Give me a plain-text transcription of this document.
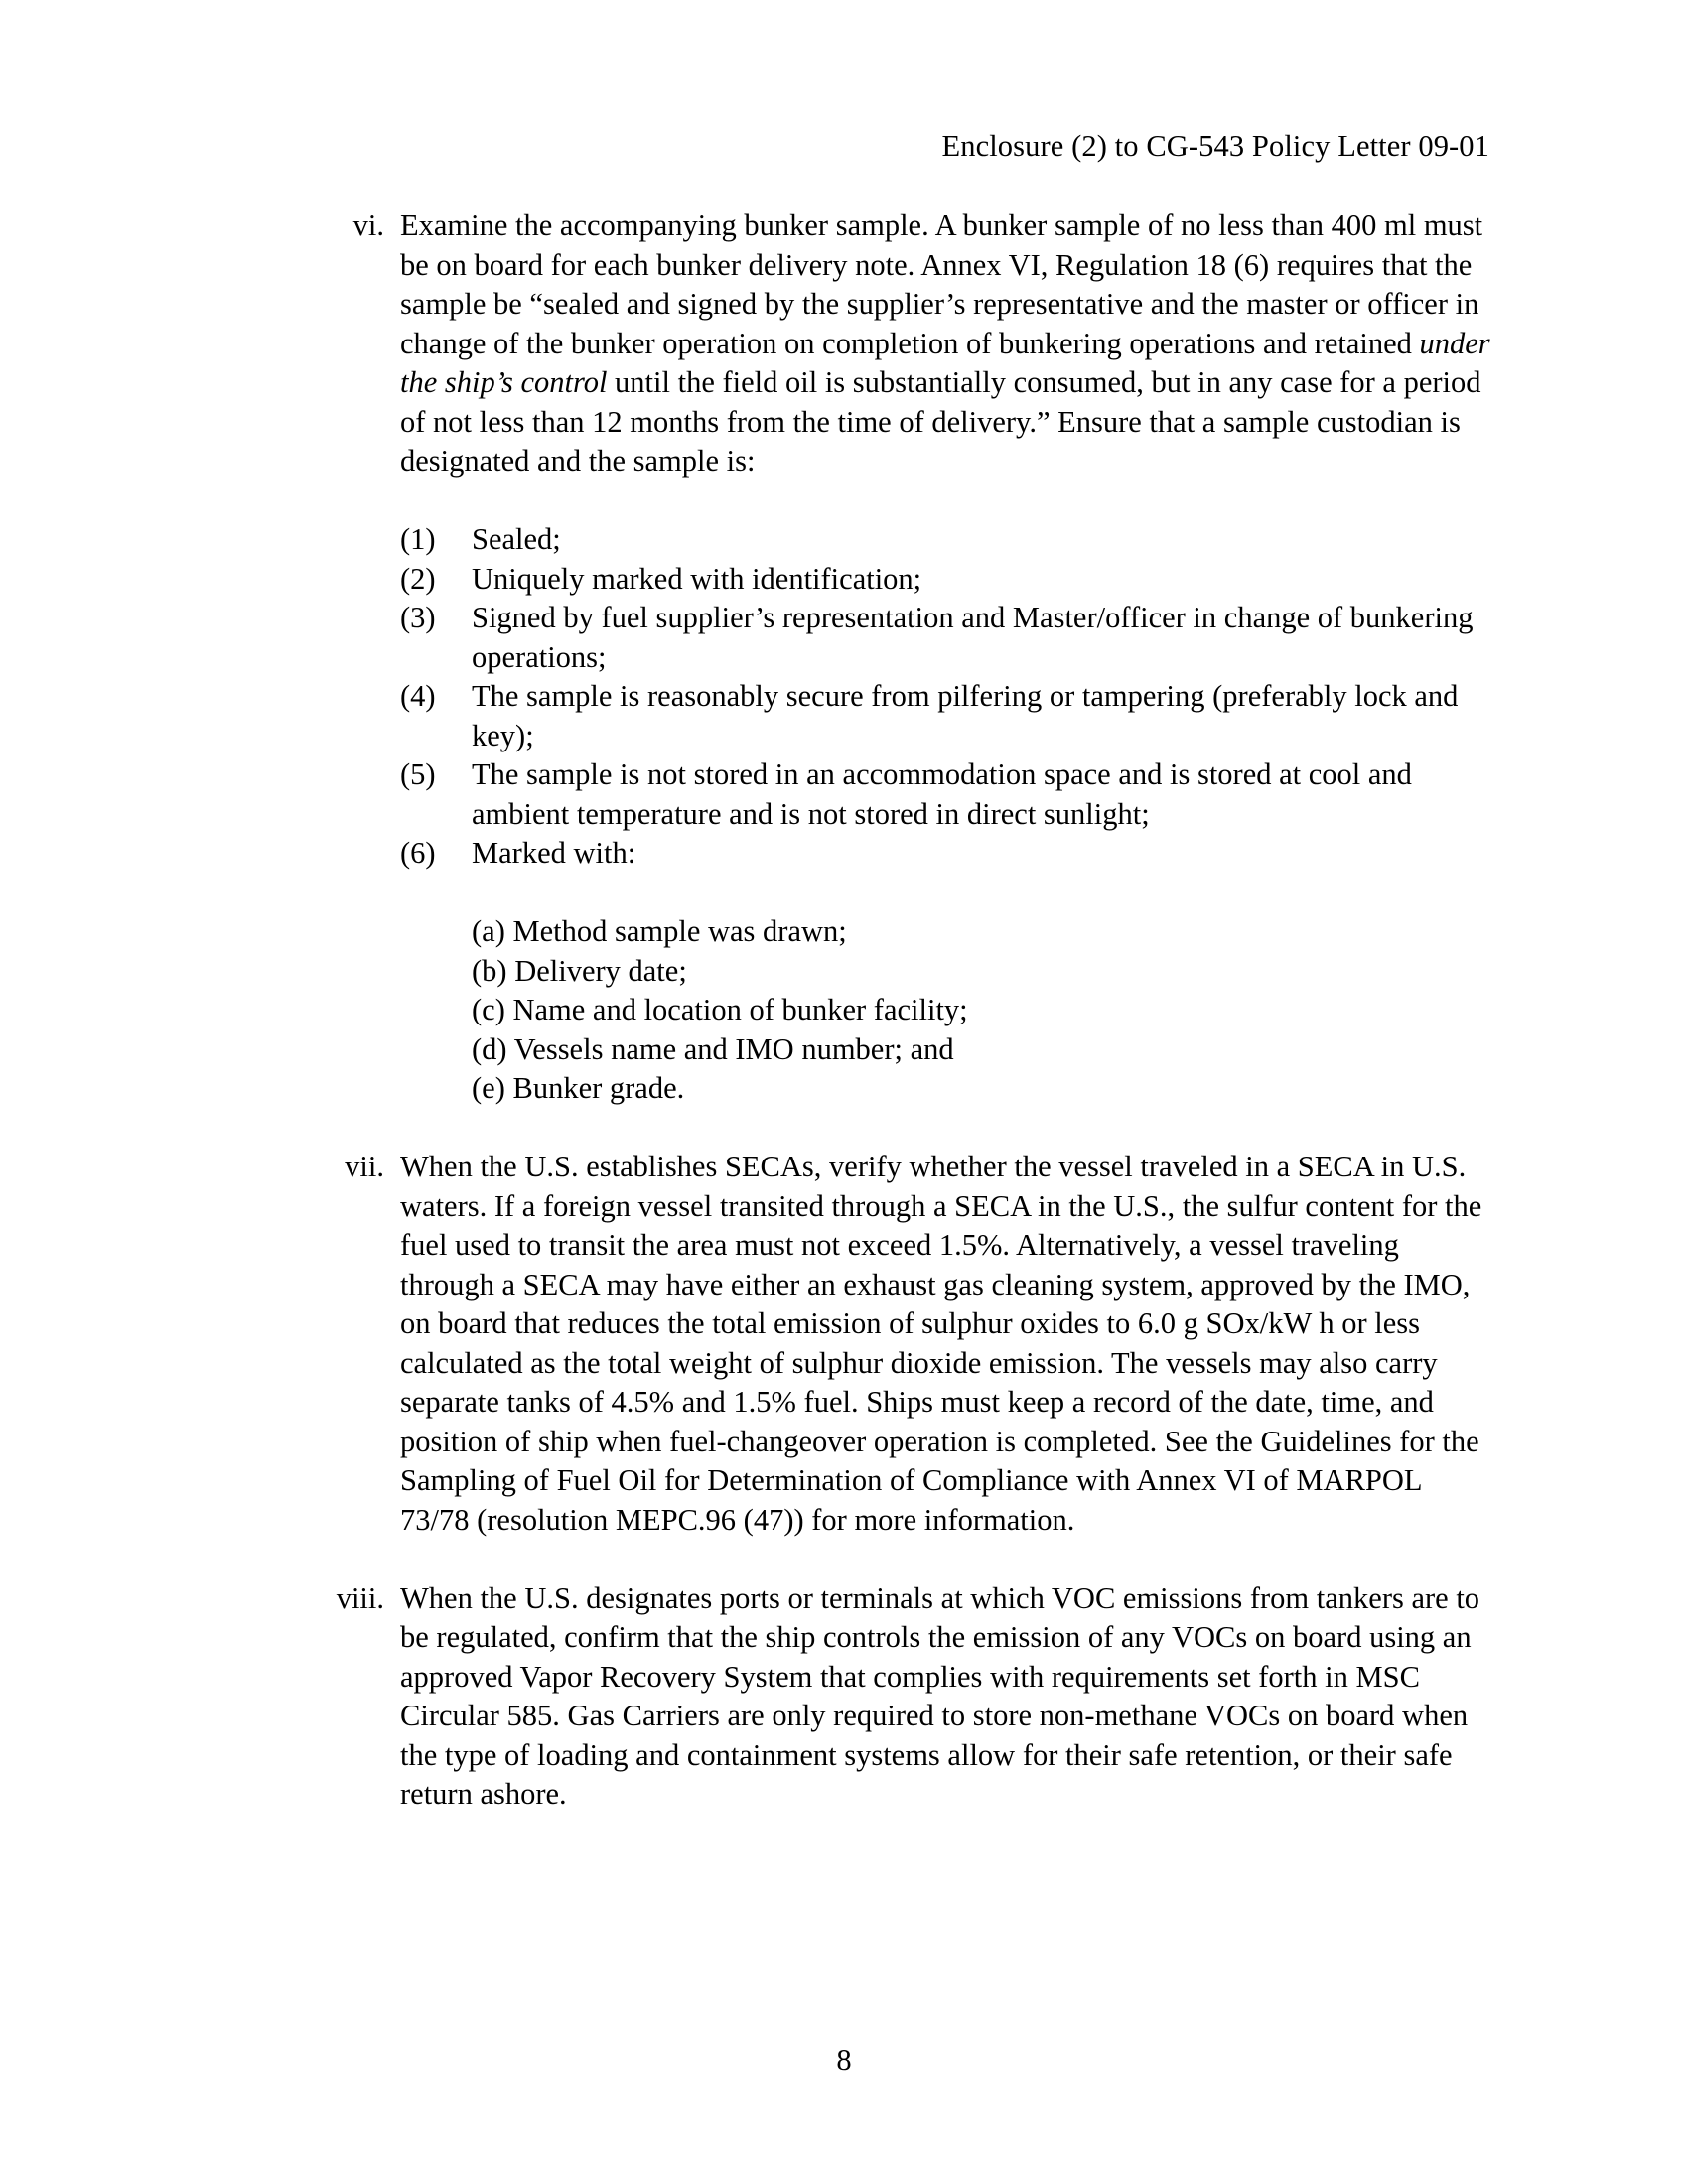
Enclosure (2) to CG-543 Policy Letter 09-01
vi. Examine the accompanying bunker sample. A bunker sample of no less than 400 ml must be on board for each bunker delivery note. Annex VI, Regulation 18 (6) requires that the sample be “sealed and signed by the supplier’s representative and the master or officer in change of the bunker operation on completion of bunkering operations and retained under the ship’s control until the field oil is substantially consumed, but in any case for a period of not less than 12 months from the time of delivery.” Ensure that a sample custodian is designated and the sample is:
(1)	Sealed;
(2)	Uniquely marked with identification;
(3)	Signed by fuel supplier’s representation and Master/officer in change of bunkering operations;
(4)	The sample is reasonably secure from pilfering or tampering (preferably lock and key);
(5)	The sample is not stored in an accommodation space and is stored at cool and ambient temperature and is not stored in direct sunlight;
(6)	Marked with:
(a) Method sample was drawn;
(b) Delivery date;
(c) Name and location of bunker facility;
(d) Vessels name and IMO number; and
(e) Bunker grade.
vii. When the U.S. establishes SECAs, verify whether the vessel traveled in a SECA in U.S. waters. If a foreign vessel transited through a SECA in the U.S., the sulfur content for the fuel used to transit the area must not exceed 1.5%. Alternatively, a vessel traveling through a SECA may have either an exhaust gas cleaning system, approved by the IMO, on board that reduces the total emission of sulphur oxides to 6.0 g SOx/kW h or less calculated as the total weight of sulphur dioxide emission. The vessels may also carry separate tanks of 4.5% and 1.5% fuel. Ships must keep a record of the date, time, and position of ship when fuel-changeover operation is completed. See the Guidelines for the Sampling of Fuel Oil for Determination of Compliance with Annex VI of MARPOL 73/78 (resolution MEPC.96 (47)) for more information.
viii. When the U.S. designates ports or terminals at which VOC emissions from tankers are to be regulated, confirm that the ship controls the emission of any VOCs on board using an approved Vapor Recovery System that complies with requirements set forth in MSC Circular 585. Gas Carriers are only required to store non-methane VOCs on board when the type of loading and containment systems allow for their safe retention, or their safe return ashore.
8
